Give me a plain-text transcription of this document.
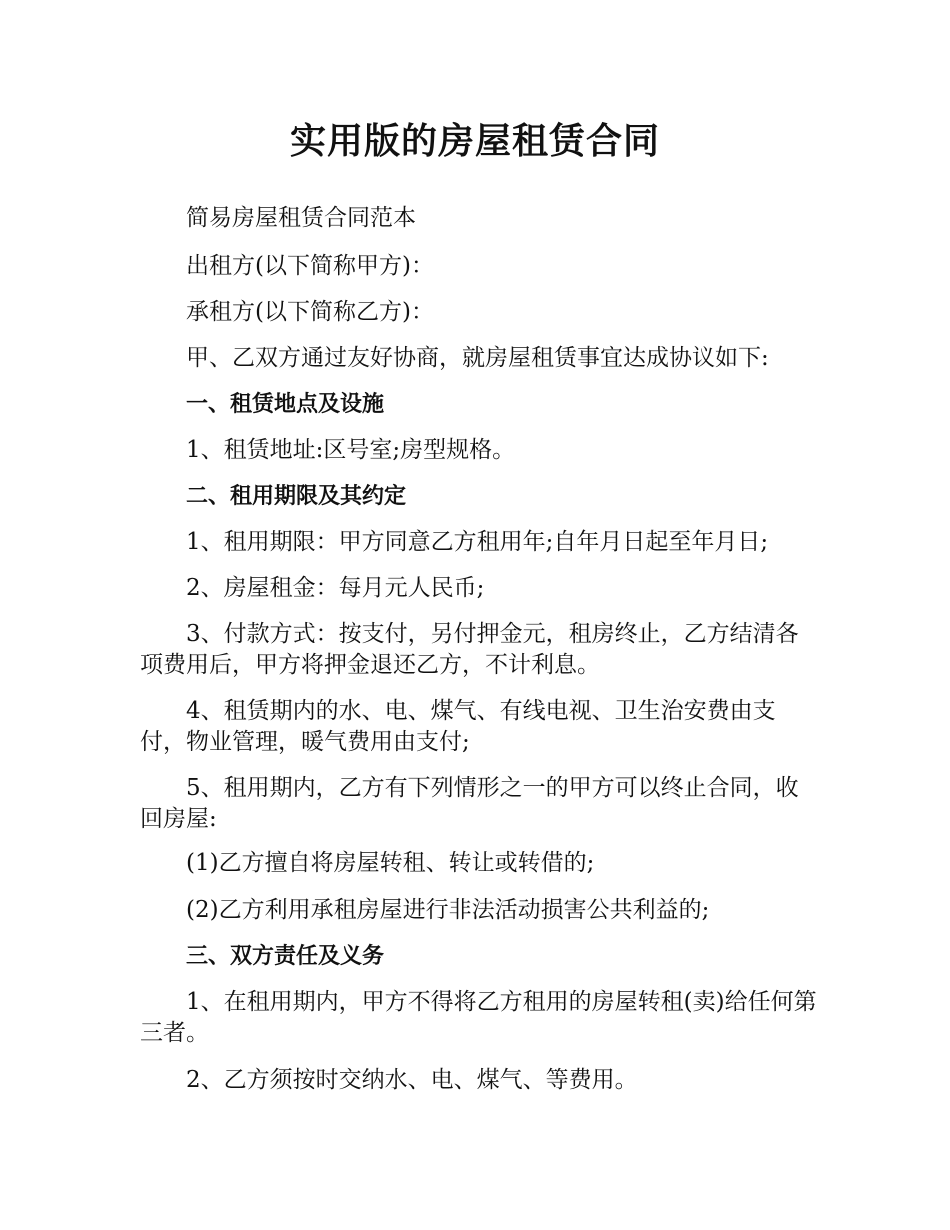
实用版的房屋租赁合同

简易房屋租赁合同范本

出租方(以下简称甲方)：

承租方(以下简称乙方)：

甲、乙双方通过友好协商，就房屋租赁事宜达成协议如下:

一、租赁地点及设施

1、租赁地址:区号室;房型规格。

二、租用期限及其约定

1、租用期限：甲方同意乙方租用年;自年月日起至年月日;

2、房屋租金：每月元人民币;

3、付款方式：按支付，另付押金元，租房终止，乙方结清各项费用后，甲方将押金退还乙方，不计利息。

4、租赁期内的水、电、煤气、有线电视、卫生治安费由支付，物业管理，暖气费用由支付;

5、租用期内，乙方有下列情形之一的甲方可以终止合同，收回房屋:

(1)乙方擅自将房屋转租、转让或转借的;

(2)乙方利用承租房屋进行非法活动损害公共利益的;

三、双方责任及义务

1、在租用期内，甲方不得将乙方租用的房屋转租(卖)给任何第三者。

2、乙方须按时交纳水、电、煤气、等费用。
